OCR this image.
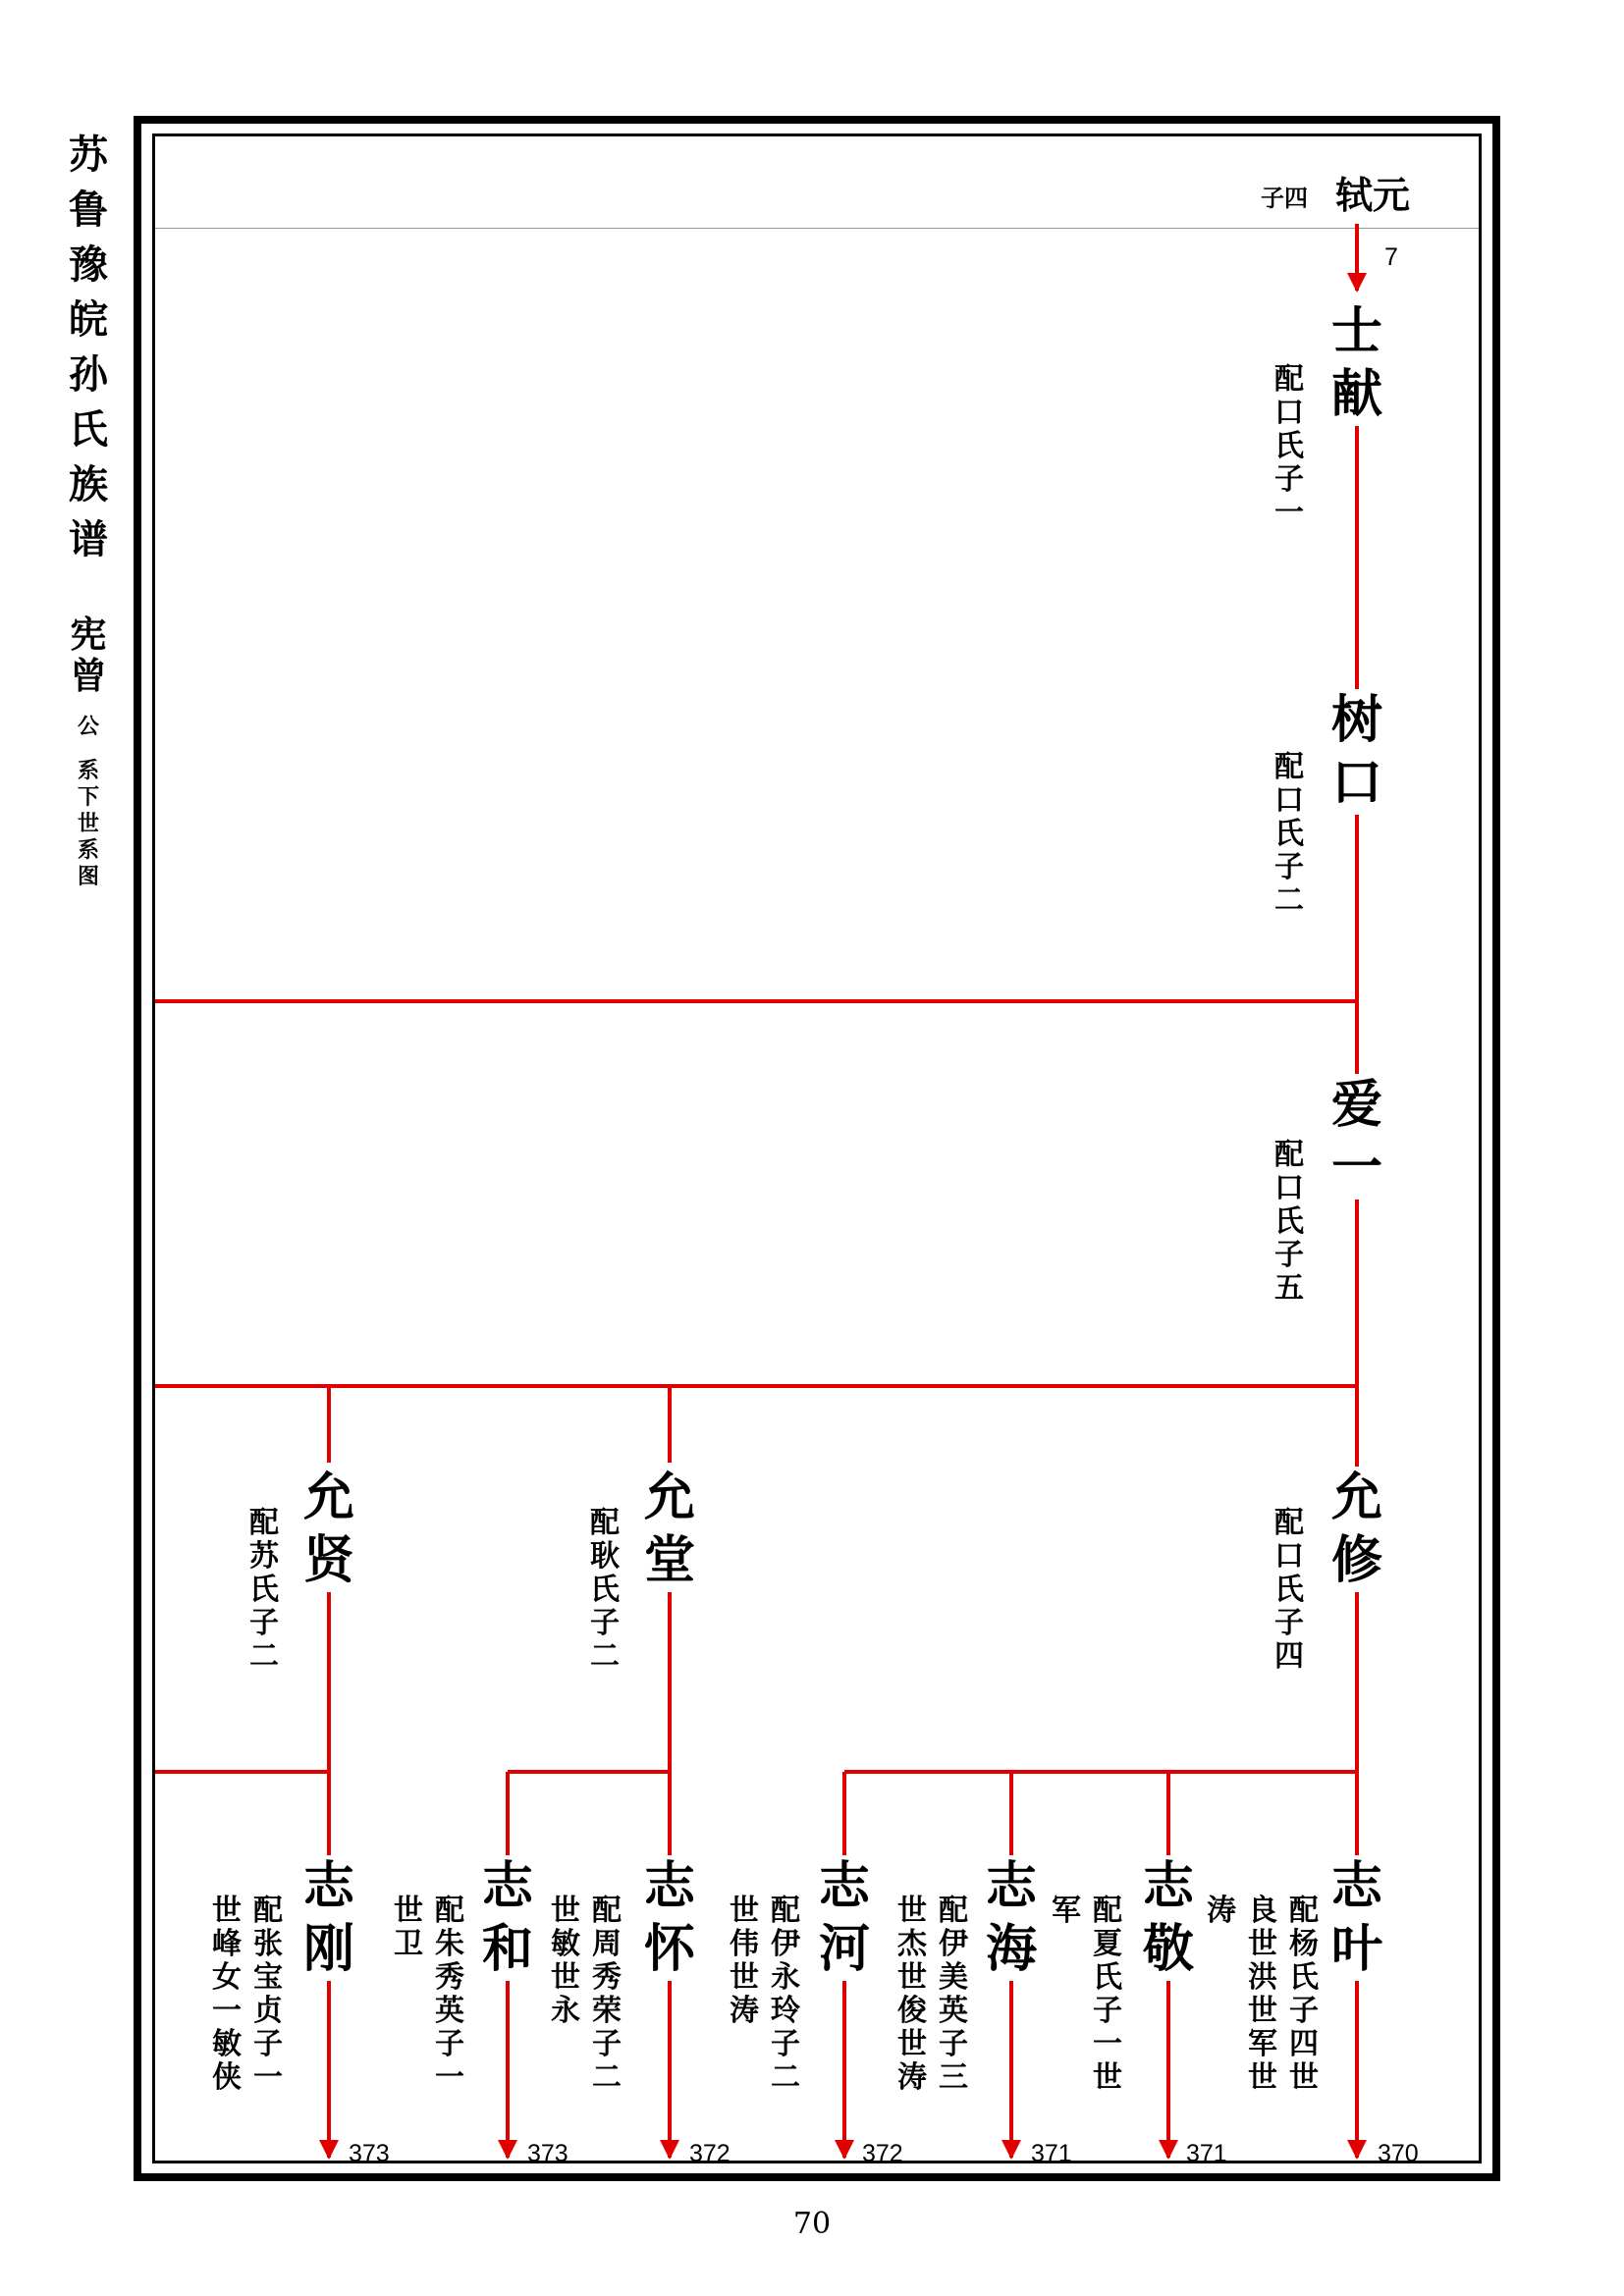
苏
鲁
豫
皖
孙
氏
族
谱
宪
曾
公
系
下
世
系
图
子四 轼元
7
士
献
配
口
氏
子
一
树
口
配
口
氏
子
二
爱
一
配
口
氏
子
五
允
修
配
口
氏
子
四
允
堂
配
耿
氏
子
二
允
贤
配
苏
氏
子
二
志
叶
配
杨
氏
子
四
世
良
世
洪
世
军
世
涛
370
志
敬
配
夏
氏
子
一
世
军
371
志
海
配
伊
美
英
子
三
世
杰
世
俊
世
涛
371
志
河
配
伊
永
玲
子
二
世
伟
世
涛
372
志
怀
配
周
秀
荣
子
二
世
敏
世
永
372
志
和
配
朱
秀
英
子
一
世
卫
373
志
刚
配
张
宝
贞
子
一
世
峰
女
一
敏
侠
373
70
